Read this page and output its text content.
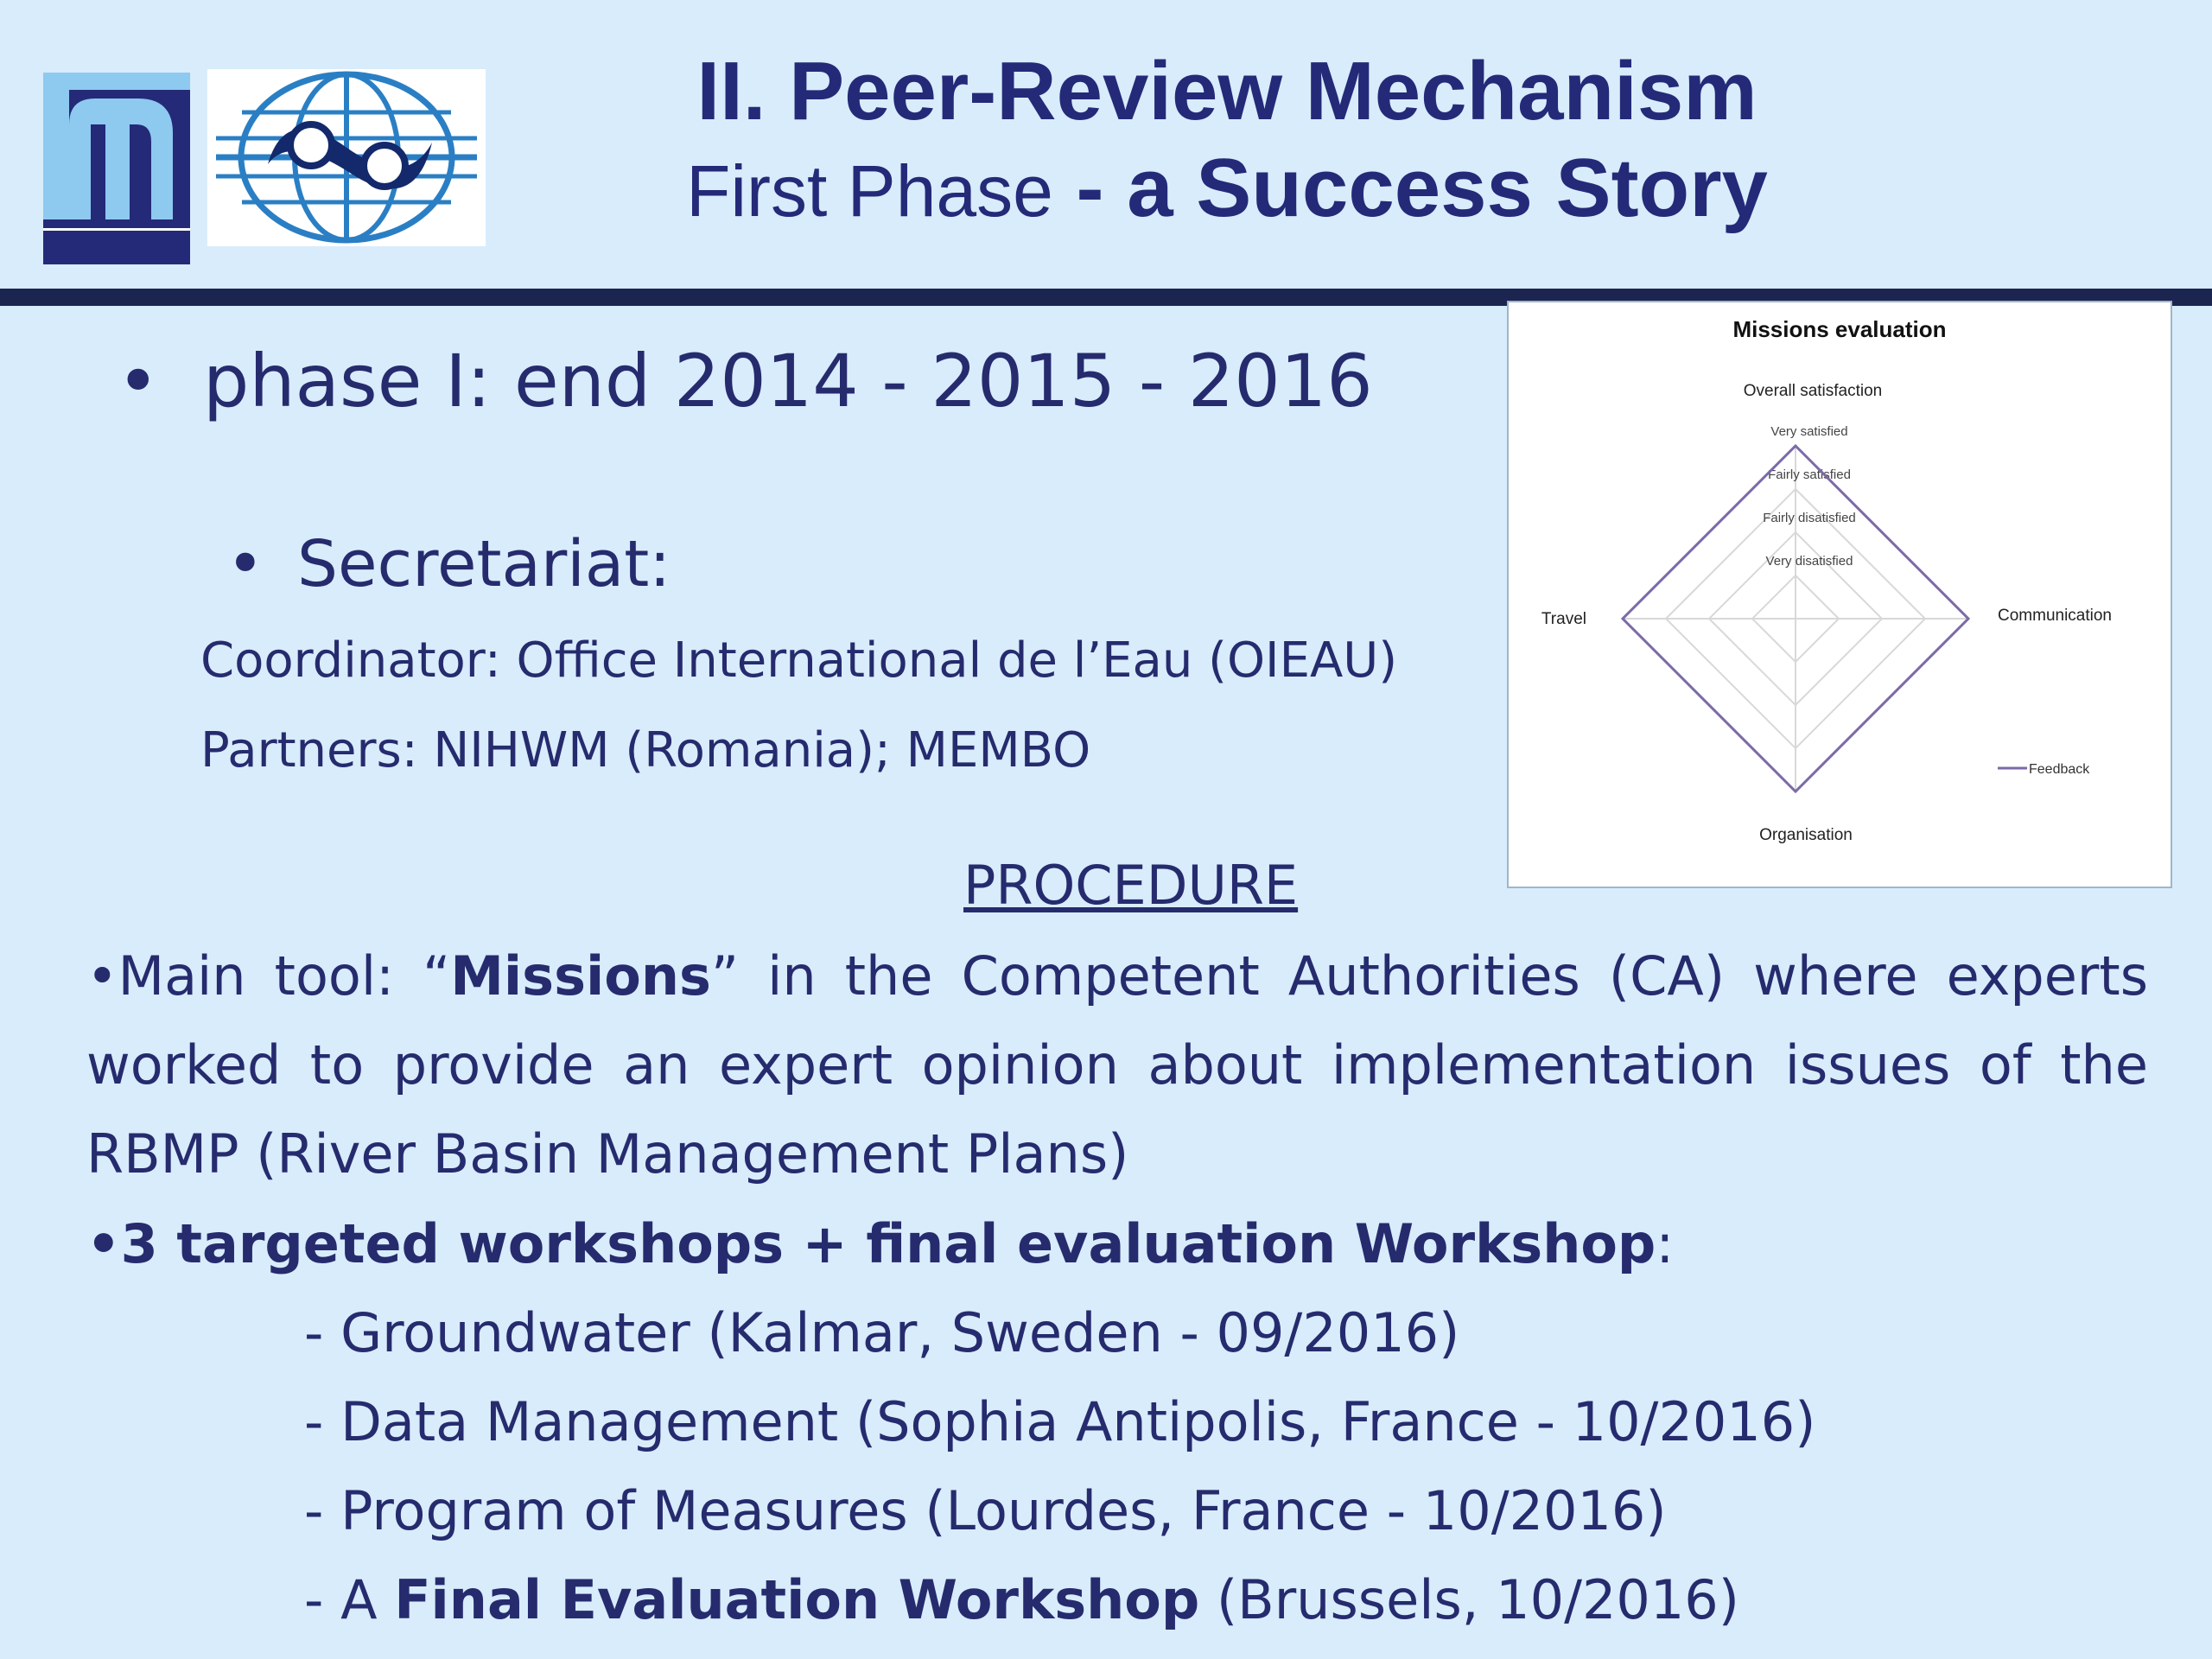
II. Peer-Review Mechanism
First Phase - a Success Story
• phase I: end 2014 - 2015 - 2016
• Secretariat:
Coordinator: Office International de l’Eau (OIEAU)
Partners: NIHWM (Romania); MEMBO
Missions evaluation
Very disatisfied
Fairly disatisfied
Fairly satisfied
Very satisfied
Overall satisfaction
Communication
Organisation
Travel
Feedback
PROCEDURE
•Main tool: “Missions” in the Competent Authorities (CA) where experts worked to provide an expert opinion about implementation issues of the RBMP (River Basin Management Plans)
•3 targeted workshops + final evaluation Workshop:
- Groundwater (Kalmar, Sweden - 09/2016)
- Data Management (Sophia Antipolis, France - 10/2016)
- Program of Measures (Lourdes, France - 10/2016)
- A Final Evaluation Workshop (Brussels, 10/2016)
